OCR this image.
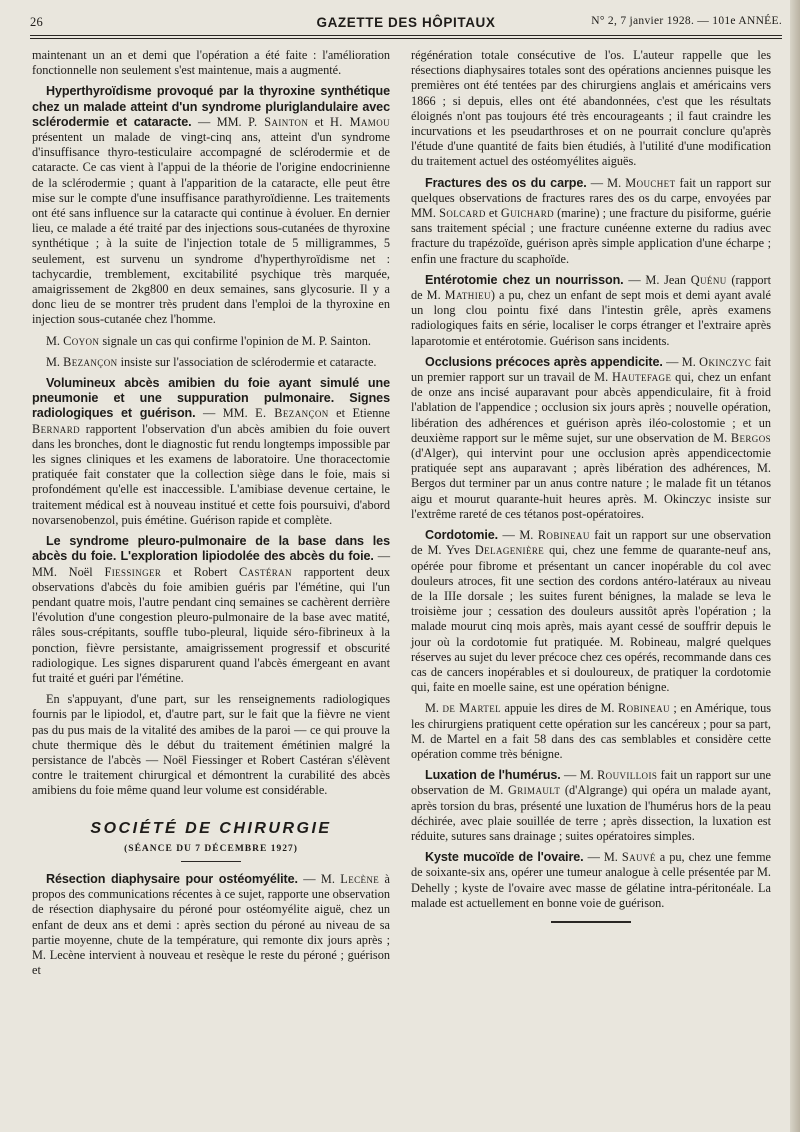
26	GAZETTE DES HÔPITAUX	N° 2, 7 janvier 1928. — 101e ANNÉE.

maintenant un an et demi que l'opération a été faite : l'amélioration fonctionnelle non seulement s'est maintenue, mais a augmenté.

Hyperthyroïdisme provoqué par la thyroxine synthétique chez un malade atteint d'un syndrome pluriglandulaire avec sclérodermie et cataracte. — MM. P. Sainton et H. Mamou présentent un malade de vingt-cinq ans, atteint d'un syndrome d'insuffisance thyro-testiculaire accompagné de sclérodermie et de cataracte. Ce cas vient à l'appui de la théorie de l'origine endocrinienne de la sclérodermie ; quant à l'apparition de la cataracte, elle peut être mise sur le compte d'une insuffisance parathyroïdienne. Les traitements ont été sans influence sur la cataracte qui continue à évoluer. En dernier lieu, ce malade a été traité par des injections sous-cutanées de thyroxine synthétique ; à la suite de l'injection totale de 5 milligrammes, 5 seulement, est survenu un syndrome d'hyperthyroïdisme net : tachycardie, tremblement, excitabilité psychique très marquée, amaigrissement de 2kg800 en deux semaines, sans glycosurie. Il y a donc lieu de se montrer très prudent dans l'emploi de la thyroxine en injection sous-cutanée chez l'homme.

M. Coyon signale un cas qui confirme l'opinion de M. P. Sainton.

M. Bezançon insiste sur l'association de sclérodermie et cataracte.

Volumineux abcès amibien du foie ayant simulé une pneumonie et une suppuration pulmonaire. Signes radiologiques et guérison. — MM. E. Bezançon et Etienne Bernard rapportent l'observation d'un abcès amibien du foie ouvert dans les bronches, dont le diagnostic fut rendu longtemps impossible par les signes cliniques et les examens de laboratoire. Une thoracectomie pratiquée fait constater que la collection siège dans le foie, mais si profondément qu'elle est inaccessible. L'amibiase devenue certaine, le traitement médical est à nouveau institué et cette fois poursuivi, d'abord novarsenobenzol, puis émétine. Guérison rapide et complète.

Le syndrome pleuro-pulmonaire de la base dans les abcès du foie. L'exploration lipiodolée des abcès du foie. — MM. Noël Fiessinger et Robert Castéran rapportent deux observations d'abcès du foie amibien guéris par l'émétine, qui l'un pendant quatre mois, l'autre pendant cinq semaines se cachèrent derrière l'évolution d'une congestion pleuro-pulmonaire de la base avec matité, râles sous-crépitants, souffle tubo-pleural, liquide séro-fibrineux à la ponction, fièvre persistante, amaigrissement progressif et obscurité radiologique. Les signes disparurent quand l'abcès émergeant en avant fut traité et guéri par l'émétine.

En s'appuyant, d'une part, sur les renseignements radiologiques fournis par le lipiodol, et, d'autre part, sur le fait que la fièvre ne vient pas du pus mais de la vitalité des amibes de la paroi — ce qui prouve la chute thermique dès le début du traitement émétinien malgré la persistance de l'abcès — Noël Fiessinger et Robert Castéran s'élèvent contre le traitement chirurgical et démontrent la curabilité des abcès amibiens du foie même quand leur volume est considérable.

SOCIÉTÉ DE CHIRURGIE
(SÉANCE DU 7 DÉCEMBRE 1927)

Résection diaphysaire pour ostéomyélite. — M. Lecène à propos des communications récentes à ce sujet, rapporte une observation de résection diaphysaire du péroné pour ostéomyélite aiguë, chez un enfant de deux ans et demi : après section du péroné au niveau de sa partie moyenne, chute de la température, qui remonte dix jours après ; M. Lecène intervient à nouveau et resèque le reste du péroné ; guérison et

régénération totale consécutive de l'os. L'auteur rappelle que les résections diaphysaires totales sont des opérations anciennes puisque les premières ont été tentées par des chirurgiens anglais et américains vers 1866 ; si depuis, elles ont été abandonnées, c'est que les résultats éloignés n'ont pas toujours été très encourageants ; il faut craindre les incurvations et les pseudarthroses et on ne pourrait conclure qu'après l'étude d'une quantité de faits bien étudiés, à l'utilité d'une modification du traitement actuel des ostéomyélites aiguës.

Fractures des os du carpe. — M. Mouchet fait un rapport sur quelques observations de fractures rares des os du carpe, envoyées par MM. Solcard et Guichard (marine) ; une fracture du pisiforme, guérie sans traitement spécial ; une fracture cunéenne externe du radius avec fracture du trapézoïde, guérison après simple application d'une écharpe ; enfin une fracture du scaphoïde.

Entérotomie chez un nourrisson. — M. Jean Quénu (rapport de M. Mathieu) a pu, chez un enfant de sept mois et demi ayant avalé un long clou pointu fixé dans l'intestin grêle, après examens radiologiques faits en série, localiser le corps étranger et l'extraire après laparotomie et entérotomie. Guérison sans incidents.

Occlusions précoces après appendicite. — M. Okinczyc fait un premier rapport sur un travail de M. Hautefage qui, chez un enfant de onze ans incisé auparavant pour abcès appendiculaire, fit à froid l'ablation de l'appendice ; occlusion six jours après ; nouvelle opération, libération des adhérences et guérison après iléo-colostomie ; et un deuxième rapport sur le même sujet, sur une observation de M. Bergos (d'Alger), qui intervint pour une occlusion après appendicectomie pratiquée sept ans auparavant ; après libération des adhérences, M. Bergos dut terminer par un anus contre nature ; le malade fit un tétanos aigu et mourut quarante-huit heures après. M. Okinczyc insiste sur l'extrême rareté de ces tétanos post-opératoires.

Cordotomie. — M. Robineau fait un rapport sur une observation de M. Yves Delagenière qui, chez une femme de quarante-neuf ans, opérée pour fibrome et présentant un cancer inopérable du col avec douleurs atroces, fit une section des cordons antéro-latéraux au niveau de la IIIe dorsale ; les suites furent bénignes, la malade se leva le troisième jour ; cessation des douleurs aussitôt après l'opération ; la malade mourut cinq mois après, mais ayant cessé de souffrir depuis le jour où la cordotomie fut pratiquée. M. Robineau, malgré quelques réserves au sujet du lever précoce chez ces opérés, recommande dans ces cas de cancers inopérables et si douloureux, de pratiquer la cordotomie qui, faite en moelle saine, est une opération bénigne.

M. de Martel appuie les dires de M. Robineau ; en Amérique, tous les chirurgiens pratiquent cette opération sur les cancéreux ; pour sa part, M. de Martel en a fait 58 dans des cas semblables et considère cette opération comme très bénigne.

Luxation de l'humérus. — M. Rouvillois fait un rapport sur une observation de M. Grimault (d'Algrange) qui opéra un malade ayant, après torsion du bras, présenté une luxation de l'humérus hors de la peau déchirée, avec plaie souillée de terre ; après dissection, la luxation est réduite, sutures sans drainage ; suites opératoires simples.

Kyste mucoïde de l'ovaire. — M. Sauvé a pu, chez une femme de soixante-six ans, opérer une tumeur analogue à celle présentée par M. Dehelly ; kyste de l'ovaire avec masse de gélatine intra-péritonéale. La malade est actuellement en bonne voie de guérison.
